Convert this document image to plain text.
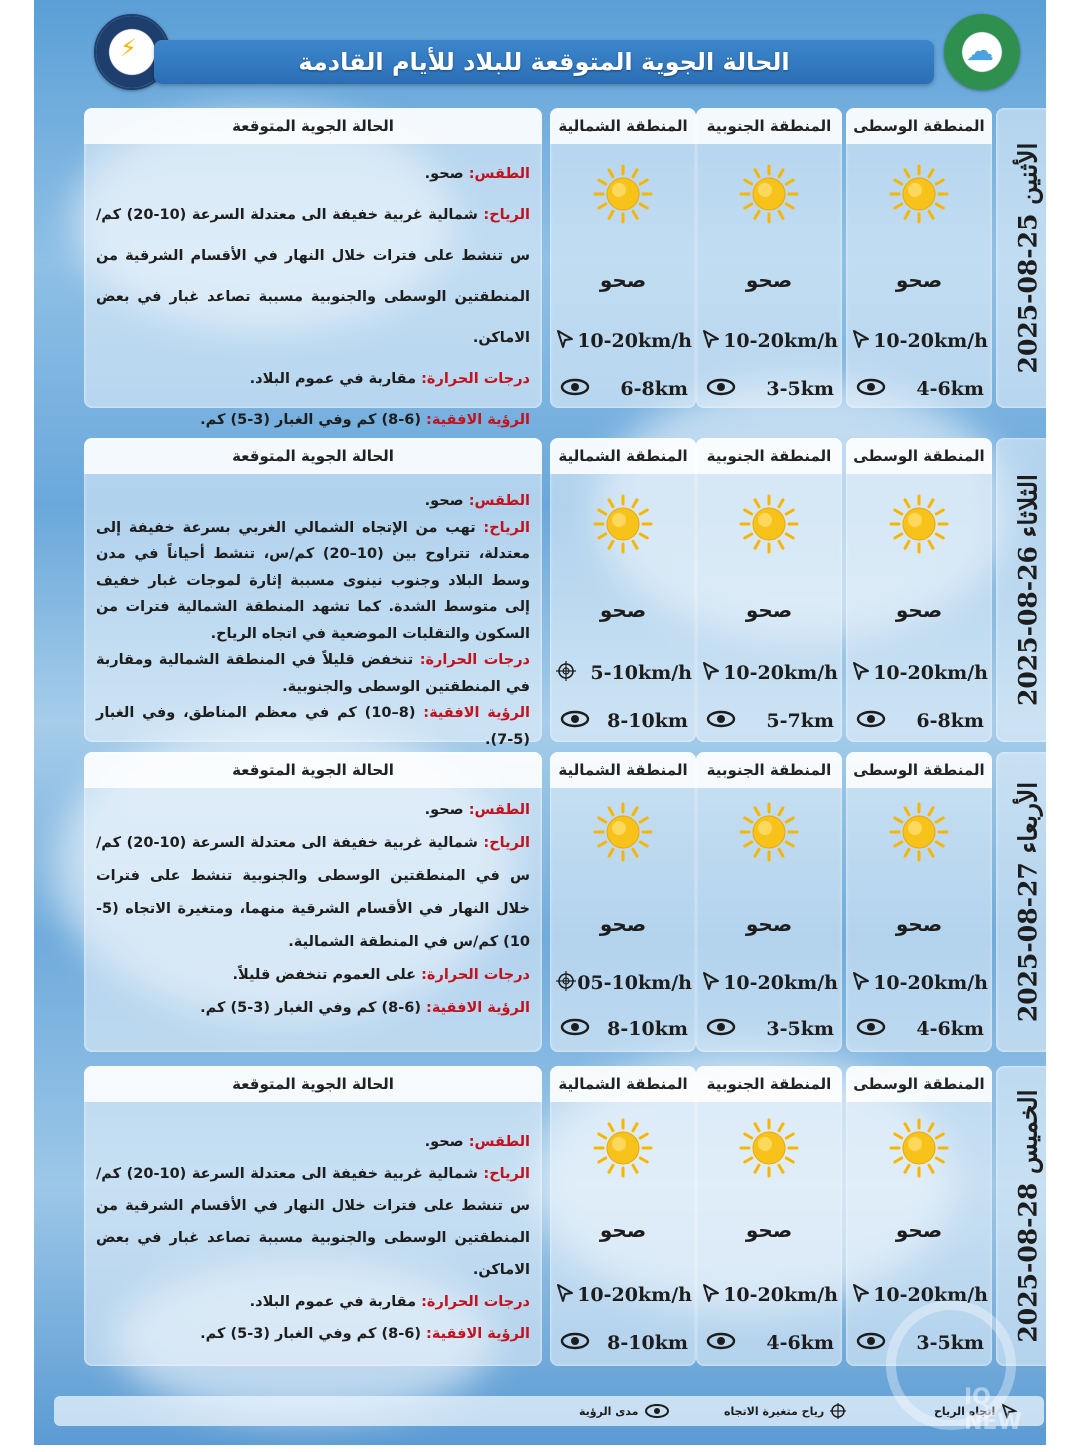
⚡
☁
الحالة الجوية المتوقعة للبلاد للأيام القادمة
الحالة الجوية المتوقعة
الطقس: صحو.
الرياح: شمالية غربية خفيفة الى معتدلة السرعة (10-20) كم/س تنشط على فترات خلال النهار في الأقسام الشرقية من المنطقتين الوسطى والجنوبية مسببة تصاعد غبار في بعض الاماكن.
درجات الحرارة: مقاربة في عموم البلاد.
الرؤية الافقية: (6-8) كم وفي الغبار (3-5) كم.
المنطقة الوسطى
صحو
10-20km/h
4-6km
المنطقة الجنوبية
صحو
10-20km/h
3-5km
المنطقة الشمالية
صحو
10-20km/h
6-8km
2025-08-25 الأثنين
الحالة الجوية المتوقعة
الطقس: صحو.
الرياح: تهب من الإتجاه الشمالي الغربي بسرعة خفيفة إلى معتدلة، تتراوح بين (10–20) كم/س، تنشط أحياناً في مدن وسط البلاد وجنوب نينوى مسببة إثارة لموجات غبار خفيف إلى متوسط الشدة. كما تشهد المنطقة الشمالية فترات من السكون والتقلبات الموضعية في اتجاه الرياح.
درجات الحرارة: تنخفض قليلاً في المنطقة الشمالية ومقاربة في المنطقتين الوسطى والجنوبية.
الرؤية الافقية: (8–10) كم في معظم المناطق، وفي الغبار (5-7).
المنطقة الوسطى
صحو
10-20km/h
6-8km
المنطقة الجنوبية
صحو
10-20km/h
5-7km
المنطقة الشمالية
صحو
5-10km/h
8-10km
2025-08-26 الثلاثاء
الحالة الجوية المتوقعة
الطقس: صحو.
الرياح: شمالية غربية خفيفة الى معتدلة السرعة (10-20) كم/س في المنطقتين الوسطى والجنوبية تنشط على فترات خلال النهار في الأقسام الشرقية منهما، ومتغيرة الاتجاه (5-10) كم/س في المنطقة الشمالية.
درجات الحرارة: على العموم تنخفض قليلاً.
الرؤية الافقية: (6-8) كم وفي الغبار (3-5) كم.
المنطقة الوسطى
صحو
10-20km/h
4-6km
المنطقة الجنوبية
صحو
10-20km/h
3-5km
المنطقة الشمالية
صحو
05-10km/h
8-10km
2025-08-27 الأربعاء
الحالة الجوية المتوقعة
الطقس: صحو.
الرياح: شمالية غربية خفيفة الى معتدلة السرعة (10-20) كم/س تنشط على فترات خلال النهار في الأقسام الشرقية من المنطقتين الوسطى والجنوبية مسببة تصاعد غبار في بعض الاماكن.
درجات الحرارة: مقاربة في عموم البلاد.
الرؤية الافقية: (6-8) كم وفي الغبار (3-5) كم.
المنطقة الوسطى
صحو
10-20km/h
3-5km
المنطقة الجنوبية
صحو
10-20km/h
4-6km
المنطقة الشمالية
صحو
10-20km/h
8-10km
2025-08-28 الخميس
اتجاه الرياح
رياح متغيرة الاتجاه
مدى الرؤية
IQ NEW
